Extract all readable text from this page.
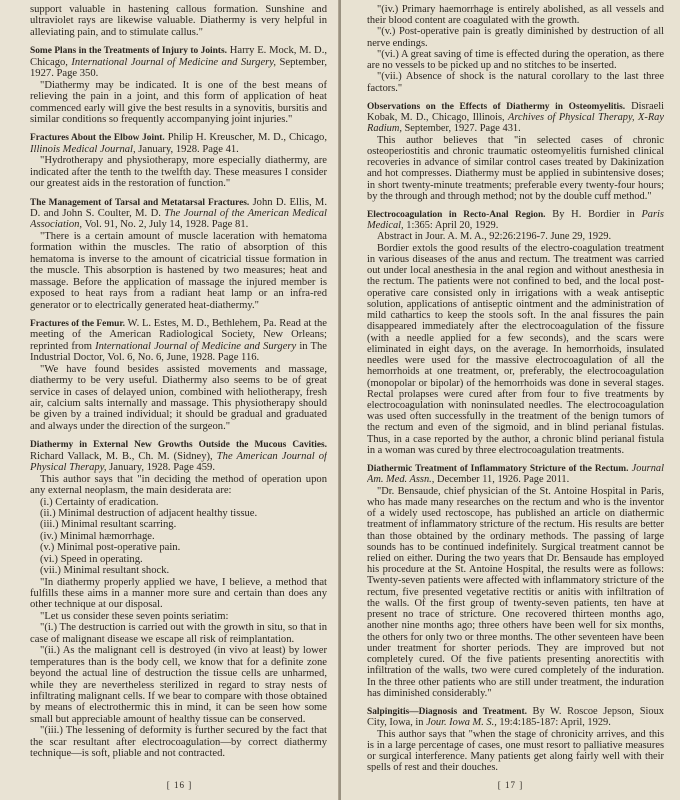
support valuable in hastening callous formation. Sunshine and ultraviolet rays are likewise valuable. Diathermy is very helpful in alleviating pain, and to stimulate callus."

Some Plans in the Treatments of Injury to Joints. Harry E. Mock, M. D., Chicago, International Journal of Medicine and Surgery, September, 1927. Page 350.

"Diathermy may be indicated. It is one of the best means of relieving the pain in a joint, and this form of application of heat commenced early will give the best results in a synovitis, bursitis and similar conditions so frequently accompanying joint injuries."

Fractures About the Elbow Joint. Philip H. Kreuscher, M. D., Chicago, Illinois Medical Journal, January, 1928. Page 41.

"Hydrotherapy and physiotherapy, more especially diathermy, are indicated after the tenth to the twelfth day. These measures I consider our greatest aids in the restoration of function."

The Management of Tarsal and Metatarsal Fractures. John D. Ellis, M. D. and John S. Coulter, M. D. The Journal of the American Medical Association, Vol. 91, No. 2, July 14, 1928. Page 81.

"There is a certain amount of muscle laceration with hematoma formation within the muscles. The ratio of absorption of this hematoma is inverse to the amount of cicatricial tissue formation in the muscle. This absorption is hastened by two measures; heat and massage. Before the application of massage the injured member is exposed to heat rays from a radiant heat lamp or an infra-red generator or to electrically generated heat-diathermy."

Fractures of the Femur. W. L. Estes, M. D., Bethlehem, Pa. Read at the meeting of the American Radiological Society, New Orleans; reprinted from International Journal of Medicine and Surgery in The Industrial Doctor, Vol. 6, No. 6, June, 1928. Page 116.

"We have found besides assisted movements and massage, diathermy to be very useful. Diathermy also seems to be of great service in cases of delayed union, combined with heliotherapy, fresh air, calcium salts internally and massage. This physiotherapy should be given by a trained individual; it should be gradual and graduated and always under the direction of the surgeon."

Diathermy in External New Growths Outside the Mucous Cavities. Richard Vallack, M. B., Ch. M. (Sidney), The American Journal of Physical Therapy, January, 1928. Page 459.

This author says that "in deciding the method of operation upon any external neoplasm, the main desiderata are:

(i.) Certainty of eradication.

(ii.) Minimal destruction of adjacent healthy tissue.

(iii.) Minimal resultant scarring.

(iv.) Minimal hæmorrhage.

(v.) Minimal post-operative pain.

(vi.) Speed in operating.

(vii.) Minimal resultant shock.

"In diathermy properly applied we have, I believe, a method that fulfills these aims in a manner more sure and certain than does any other technique at our disposal.

"Let us consider these seven points seriatim:

"(i.) The destruction is carried out with the growth in situ, so that in case of malignant disease we escape all risk of reimplantation.

"(ii.) As the malignant cell is destroyed (in vivo at least) by lower temperatures than is the body cell, we know that for a definite zone beyond the actual line of destruction the tissue cells are unharmed, while they are nevertheless sterilized in regard to stray nests of infiltrating malignant cells. If we bear to compare with those obtained by means of electrothermic this in mind, it can be seen how some small but appreciable amount of healthy tissue can be conserved.

"(iii.) The lessening of deformity is further secured by the fact that the scar resultant after electrocoagulation—by correct diathermy technique—is soft, pliable and not contracted.

[ 16 ]

"(iv.) Primary haemorrhage is entirely abolished, as all vessels and their blood content are coagulated with the growth.

"(v.) Post-operative pain is greatly diminished by destruction of all nerve endings.

"(vi.) A great saving of time is effected during the operation, as there are no vessels to be picked up and no stitches to be inserted.

"(vii.) Absence of shock is the natural corollary to the last three factors."

Observations on the Effects of Diathermy in Osteomyelitis. Disraeli Kobak, M. D., Chicago, Illinois, Archives of Physical Therapy, X-Ray Radium, September, 1927. Page 431.

This author believes that "in selected cases of chronic osteoperiostitis and chronic traumatic osteomyelitis furnished clinical recoveries in advance of similar control cases treated by Dakinization and hot compresses. Diathermy must be applied in subintensive doses; in short twenty-minute treatments; preferable every twenty-four hours; by the through and through method; not by the double cuff method."

Electrocoagulation in Recto-Anal Region. By H. Bordier in Paris Medical, 1:365: April 20, 1929.

Abstract in Jour. A. M. A., 92:26:2196-7. June 29, 1929.

Bordier extols the good results of the electro-coagulation treatment in various diseases of the anus and rectum. The treatment was carried out under local anesthesia in the anal region and without anesthesia in the rectum. The patients were not confined to bed, and the local post-operative care consisted only in irrigations with a weak antiseptic solution, applications of antiseptic ointment and the administration of mild cathartics to keep the stools soft. In the anal fissures the pain disappeared immediately after the electrocoagulation of the fissure (with a needle applied for a few seconds), and the scars were eliminated in eight days, on the average. In hemorrhoids, insulated needles were used for the massive electrocoagulation of all the hemorrhoids at one treatment, or, preferably, the electrocoagulation (monopolar or bipolar) of the hemorrhoids was done in several stages. Rectal prolapses were cured after from four to five treatments by electrocoagulation with noninsulated needles. The electrocoagulation was used often successfully in the treatment of the benign tumors of the rectum and even of the sigmoid, and in blind perianal fistulas. Thus, in a case reported by the author, a chronic blind perianal fistula in a woman was cured by three electrocoagulation treatments.

Diathermic Treatment of Inflammatory Stricture of the Rectum. Journal Am. Med. Assn., December 11, 1926. Page 2011.

"Dr. Bensaude, chief physician of the St. Antoine Hospital in Paris, who has made many researches on the rectum and who is the inventor of a widely used rectoscope, has published an article on diathermic treatment of inflammatory stricture of the rectum. His results are better than those obtained by the ordinary methods. The passing of large sounds has to be continued indefinitely. Surgical treatment cannot be relied on either. During the two years that Dr. Bensaude has employed his procedure at the St. Antoine Hospital, the results were as follows: Twenty-seven patients were affected with inflammatory stricture of the rectum, five presented vegetative rectitis or anitis with infiltration of the walls. Of the first group of twenty-seven patients, ten have at present no trace of stricture. One recovered thirteen months ago, another nine months ago; three others have been well for six months, the others for only two or three months. The other seventeen have been under treatment for shorter periods. They are improved but not completely cured. Of the five patients presenting anorectitis with infiltration of the walls, two were cured completely of the induration. In the three other patients who are still under treatment, the induration has diminished considerably."

Salpingitis—Diagnosis and Treatment. By W. Roscoe Jepson, Sioux City, Iowa, in Jour. Iowa M. S., 19:4:185-187: April, 1929.

This author says that "when the stage of chronicity arrives, and this is in a large percentage of cases, one must resort to palliative measures or surgical interference. Many patients get along fairly well with their spells of rest and their douches.

[ 17 ]
